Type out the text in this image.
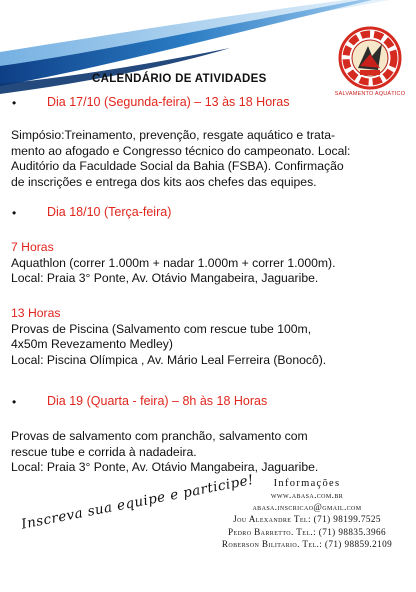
SALVAMENTO AQUÁTICO
CALENDÁRIO DE ATIVIDADES
• Dia 17/10 (Segunda-feira) – 13 às 18 Horas
Simpósio:Treinamento, prevenção, resgate aquático e trata-
mento ao afogado e Congresso técnico do campeonato. Local:
Auditório da Faculdade Social da Bahia (FSBA). Confirmação
de inscrições e entrega dos kits aos chefes das equipes.
• Dia 18/10 (Terça-feira)
7 Horas
Aquathlon (correr 1.000m + nadar 1.000m + correr 1.000m).
Local: Praia 3° Ponte, Av. Otávio Mangabeira, Jaguaribe.
13 Horas
Provas de Piscina (Salvamento com rescue tube 100m,
4x50m Revezamento Medley)
Local: Piscina Olímpica , Av. Mário Leal Ferreira (Bonocô).
• Dia 19 (Quarta - feira) – 8h às 18 Horas
Provas de salvamento com pranchão, salvamento com
rescue tube e corrida à nadadeira.
Local: Praia 3° Ponte, Av. Otávio Mangabeira, Jaguaribe.
Inscreva sua equipe e participe!	Informações
www.abasa.com.br
abasa.inscricao@gmail.com
Jou Alexandre Tel: (71) 98199.7525
Pedro Barretto. Tel.: (71) 98835.3966
Roberson Bilitario. Tel.: (71) 98859.2109
